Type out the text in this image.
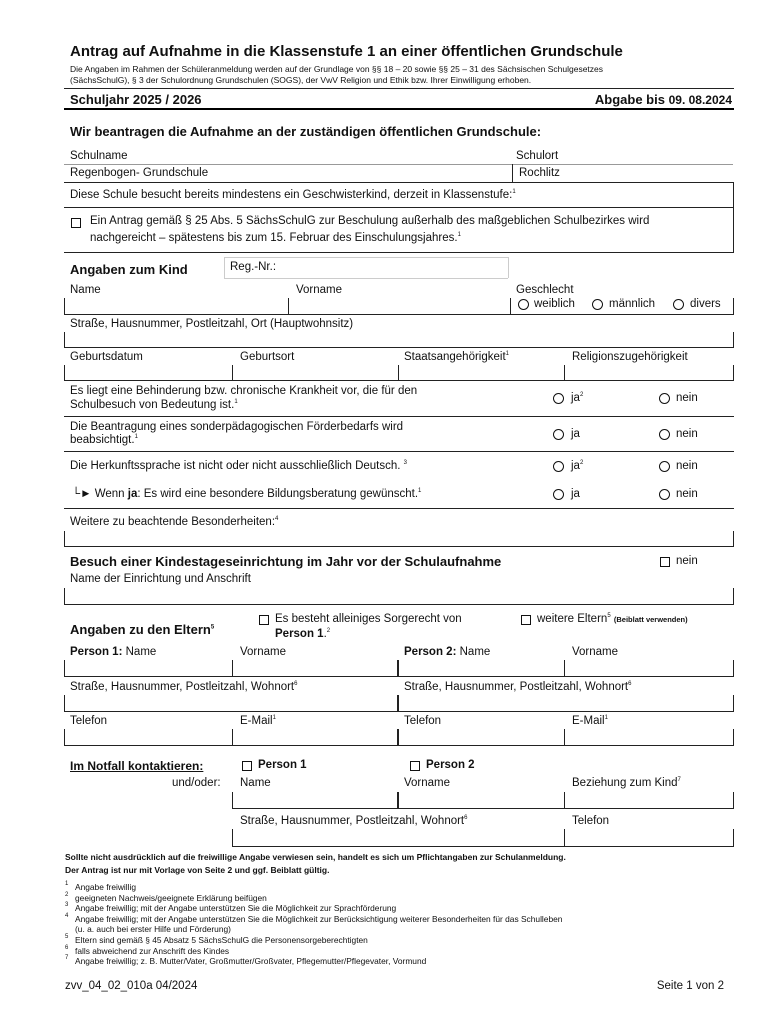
Antrag auf Aufnahme in die Klassenstufe 1 an einer öffentlichen Grundschule
Die Angaben im Rahmen der Schüleranmeldung werden auf der Grundlage von §§ 18 – 20 sowie §§ 25 – 31 des Sächsischen Schulgesetzes
(SächsSchulG), § 3 der Schulordnung Grundschulen (SOGS), der VwV Religion und Ethik bzw. Ihrer Einwilligung erhoben.
Schuljahr 2025 / 2026	Abgabe bis 09. 08.2024
Wir beantragen die Aufnahme an der zuständigen öffentlichen Grundschule:
Schulname	Schulort
Regenbogen- Grundschule	Rochlitz
Diese Schule besucht bereits mindestens ein Geschwisterkind, derzeit in Klassenstufe:$^1$
Ein Antrag gemäß § 25 Abs. 5 SächsSchulG zur Beschulung außerhalb des maßgeblichen Schulbezirkes wird
nachgereicht – spätestens bis zum 15. Februar des Einschulungsjahres.$^1$
Angaben zum Kind	Reg.-Nr.:
Name	Vorname	Geschlecht
weiblich	männlich	divers
Straße, Hausnummer, Postleitzahl, Ort (Hauptwohnsitz)
Geburtsdatum	Geburtsort	Staatsangehörigkeit$^1$	Religionszugehörigkeit
Es liegt eine Behinderung bzw. chronische Krankheit vor, die für den
Schulbesuch von Bedeutung ist.$^1$	$ja^2$	nein
Die Beantragung eines sonderpädagogischen Förderbedarfs wird
beabsichtigt.$^1$	ja	nein
Die Herkunftssprache ist nicht oder nicht ausschließlich Deutsch. $^3$	$ja^2$	nein
└► Wenn ja: Es wird eine besondere Bildungsberatung gewünscht.$^1$	ja	nein
Weitere zu beachtende Besonderheiten:$^4$
Besuch einer Kindestageseinrichtung im Jahr vor der Schulaufnahme	nein
Name der Einrichtung und Anschrift
Angaben zu den Eltern$^5$
Es besteht alleiniges Sorgerecht von
Person 1.$^2$
weitere Eltern$^5$ (Beiblatt verwenden)
Person 1: Name	Vorname	Person 2: Name	Vorname
Straße, Hausnummer, Postleitzahl, Wohnort$^6$	Straße, Hausnummer, Postleitzahl, Wohnort$^6$
Telefon	E-Mail$^1$	Telefon	E-Mail$^1$
Im Notfall kontaktieren:	Person 1	Person 2
und/oder: Name	Vorname	Beziehung zum Kind$^7$
Straße, Hausnummer, Postleitzahl, Wohnort$^6$	Telefon
Sollte nicht ausdrücklich auf die freiwillige Angabe verwiesen sein, handelt es sich um Pflichtangaben zur Schulanmeldung.
Der Antrag ist nur mit Vorlage von Seite 2 und ggf. Beiblatt gültig.
1 Angabe freiwillig
2 geeigneten Nachweis/geeignete Erklärung beifügen
3 Angabe freiwillig; mit der Angabe unterstützen Sie die Möglichkeit zur Sprachförderung
4 Angabe freiwillig; mit der Angabe unterstützen Sie die Möglichkeit zur Berücksichtigung weiterer Besonderheiten für das Schulleben
(u. a. auch bei erster Hilfe und Förderung)
5 Eltern sind gemäß § 45 Absatz 5 SächsSchulG die Personensorgeberechtigten
6 falls abweichend zur Anschrift des Kindes
7 Angabe freiwillig; z. B. Mutter/Vater, Großmutter/Großvater, Pflegemutter/Pflegevater, Vormund
zvv_04_02_010a 04/2024	Seite 1 von 2
